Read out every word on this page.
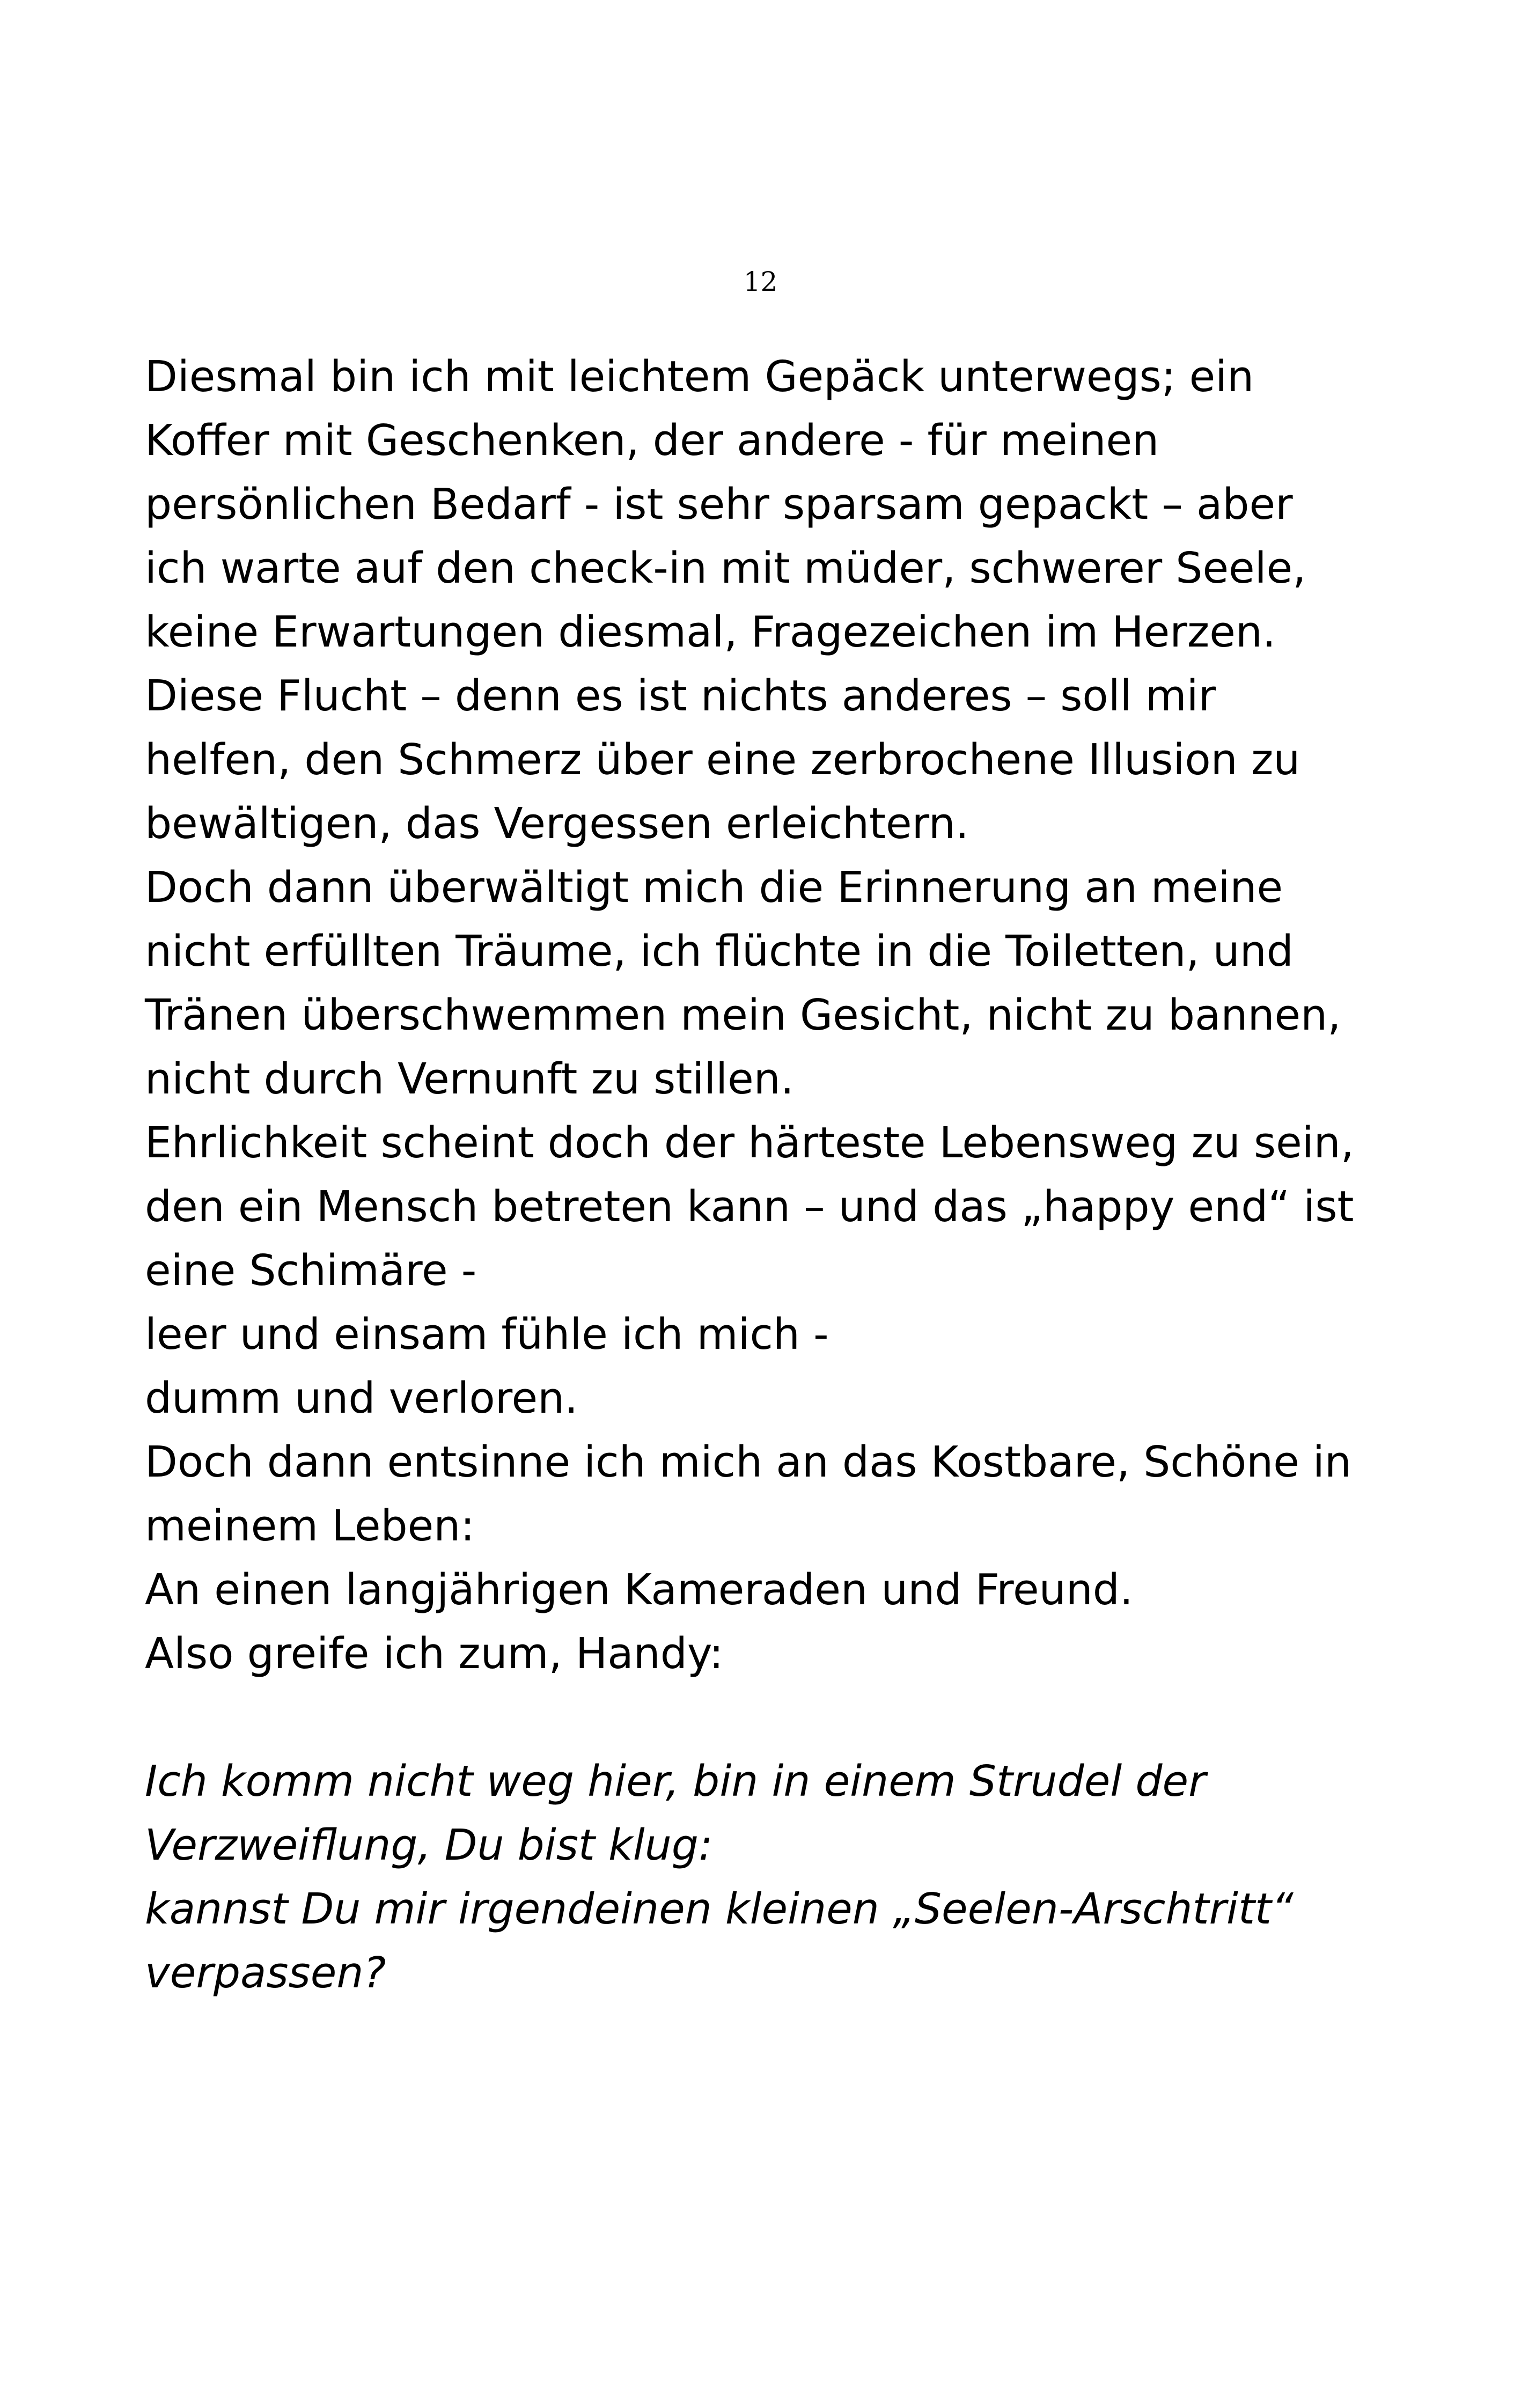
12
Diesmal bin ich mit leichtem Gepäck unterwegs; ein
Koffer mit Geschenken, der andere - für meinen
persönlichen Bedarf - ist sehr sparsam gepackt – aber
ich warte auf den check-in mit müder, schwerer Seele,
keine Erwartungen diesmal, Fragezeichen im Herzen.
Diese Flucht – denn es ist nichts anderes – soll mir
helfen, den Schmerz über eine zerbrochene Illusion zu
bewältigen, das Vergessen erleichtern.
Doch dann überwältigt mich die Erinnerung an meine
nicht erfüllten Träume, ich flüchte in die Toiletten, und
Tränen überschwemmen mein Gesicht, nicht zu bannen,
nicht durch Vernunft zu stillen.
Ehrlichkeit scheint doch der härteste Lebensweg zu sein,
den ein Mensch betreten kann – und das „happy end“ ist
eine Schimäre -
leer und einsam fühle ich mich -
dumm und verloren.
Doch dann entsinne ich mich an das Kostbare, Schöne in
meinem Leben:
An einen langjährigen Kameraden und Freund.
Also greife ich zum, Handy:
Ich komm nicht weg hier, bin in einem Strudel der
Verzweiflung, Du bist klug:
kannst Du mir irgendeinen kleinen „Seelen-Arschtritt“
verpassen?
